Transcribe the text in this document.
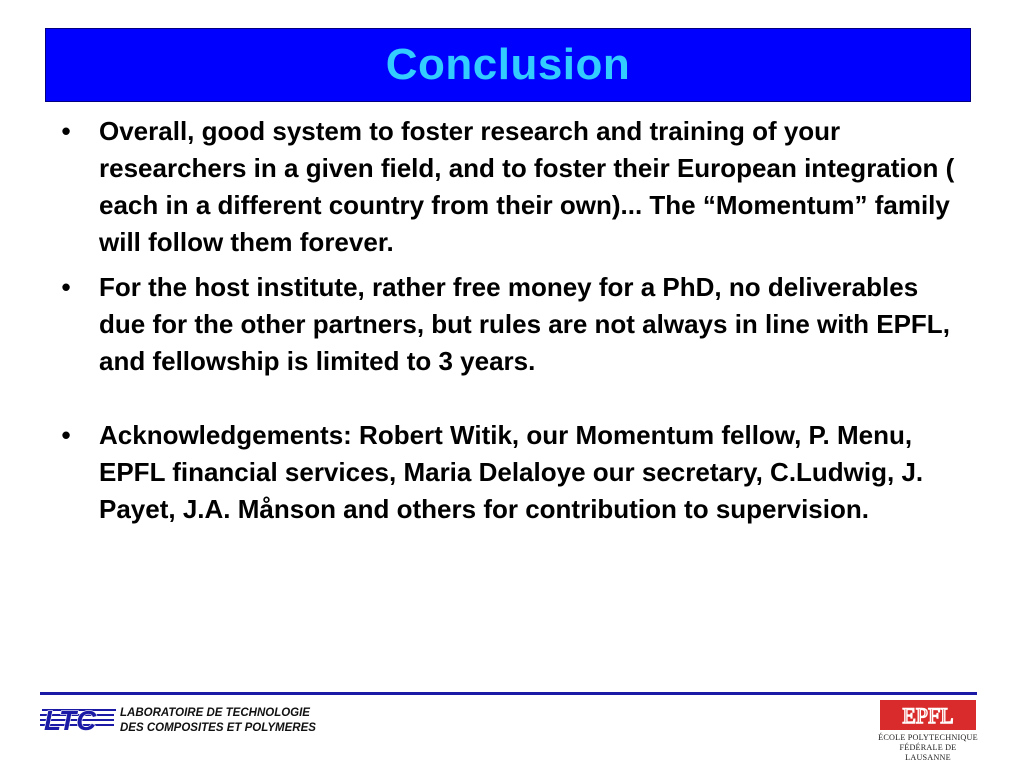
Conclusion
• Overall, good system to foster research and training of your researchers in a given field, and to foster their European integration ( each in a different country from their own)... The “Momentum” family will follow them forever.
• For the host institute, rather free money for a PhD, no deliverables due for the other partners, but rules are not always in line with EPFL, and fellowship is limited to 3 years.
• Acknowledgements: Robert Witik, our Momentum fellow, P. Menu, EPFL financial services, Maria Delaloye our secretary, C.Ludwig, J. Payet, J.A. Månson and others for contribution to supervision.
LTC LABORATOIRE DE TECHNOLOGIE
DES COMPOSITES ET POLYMERES	EPFL
ÉCOLE POLYTECHNIQUE
FÉDÉRALE DE LAUSANNE
